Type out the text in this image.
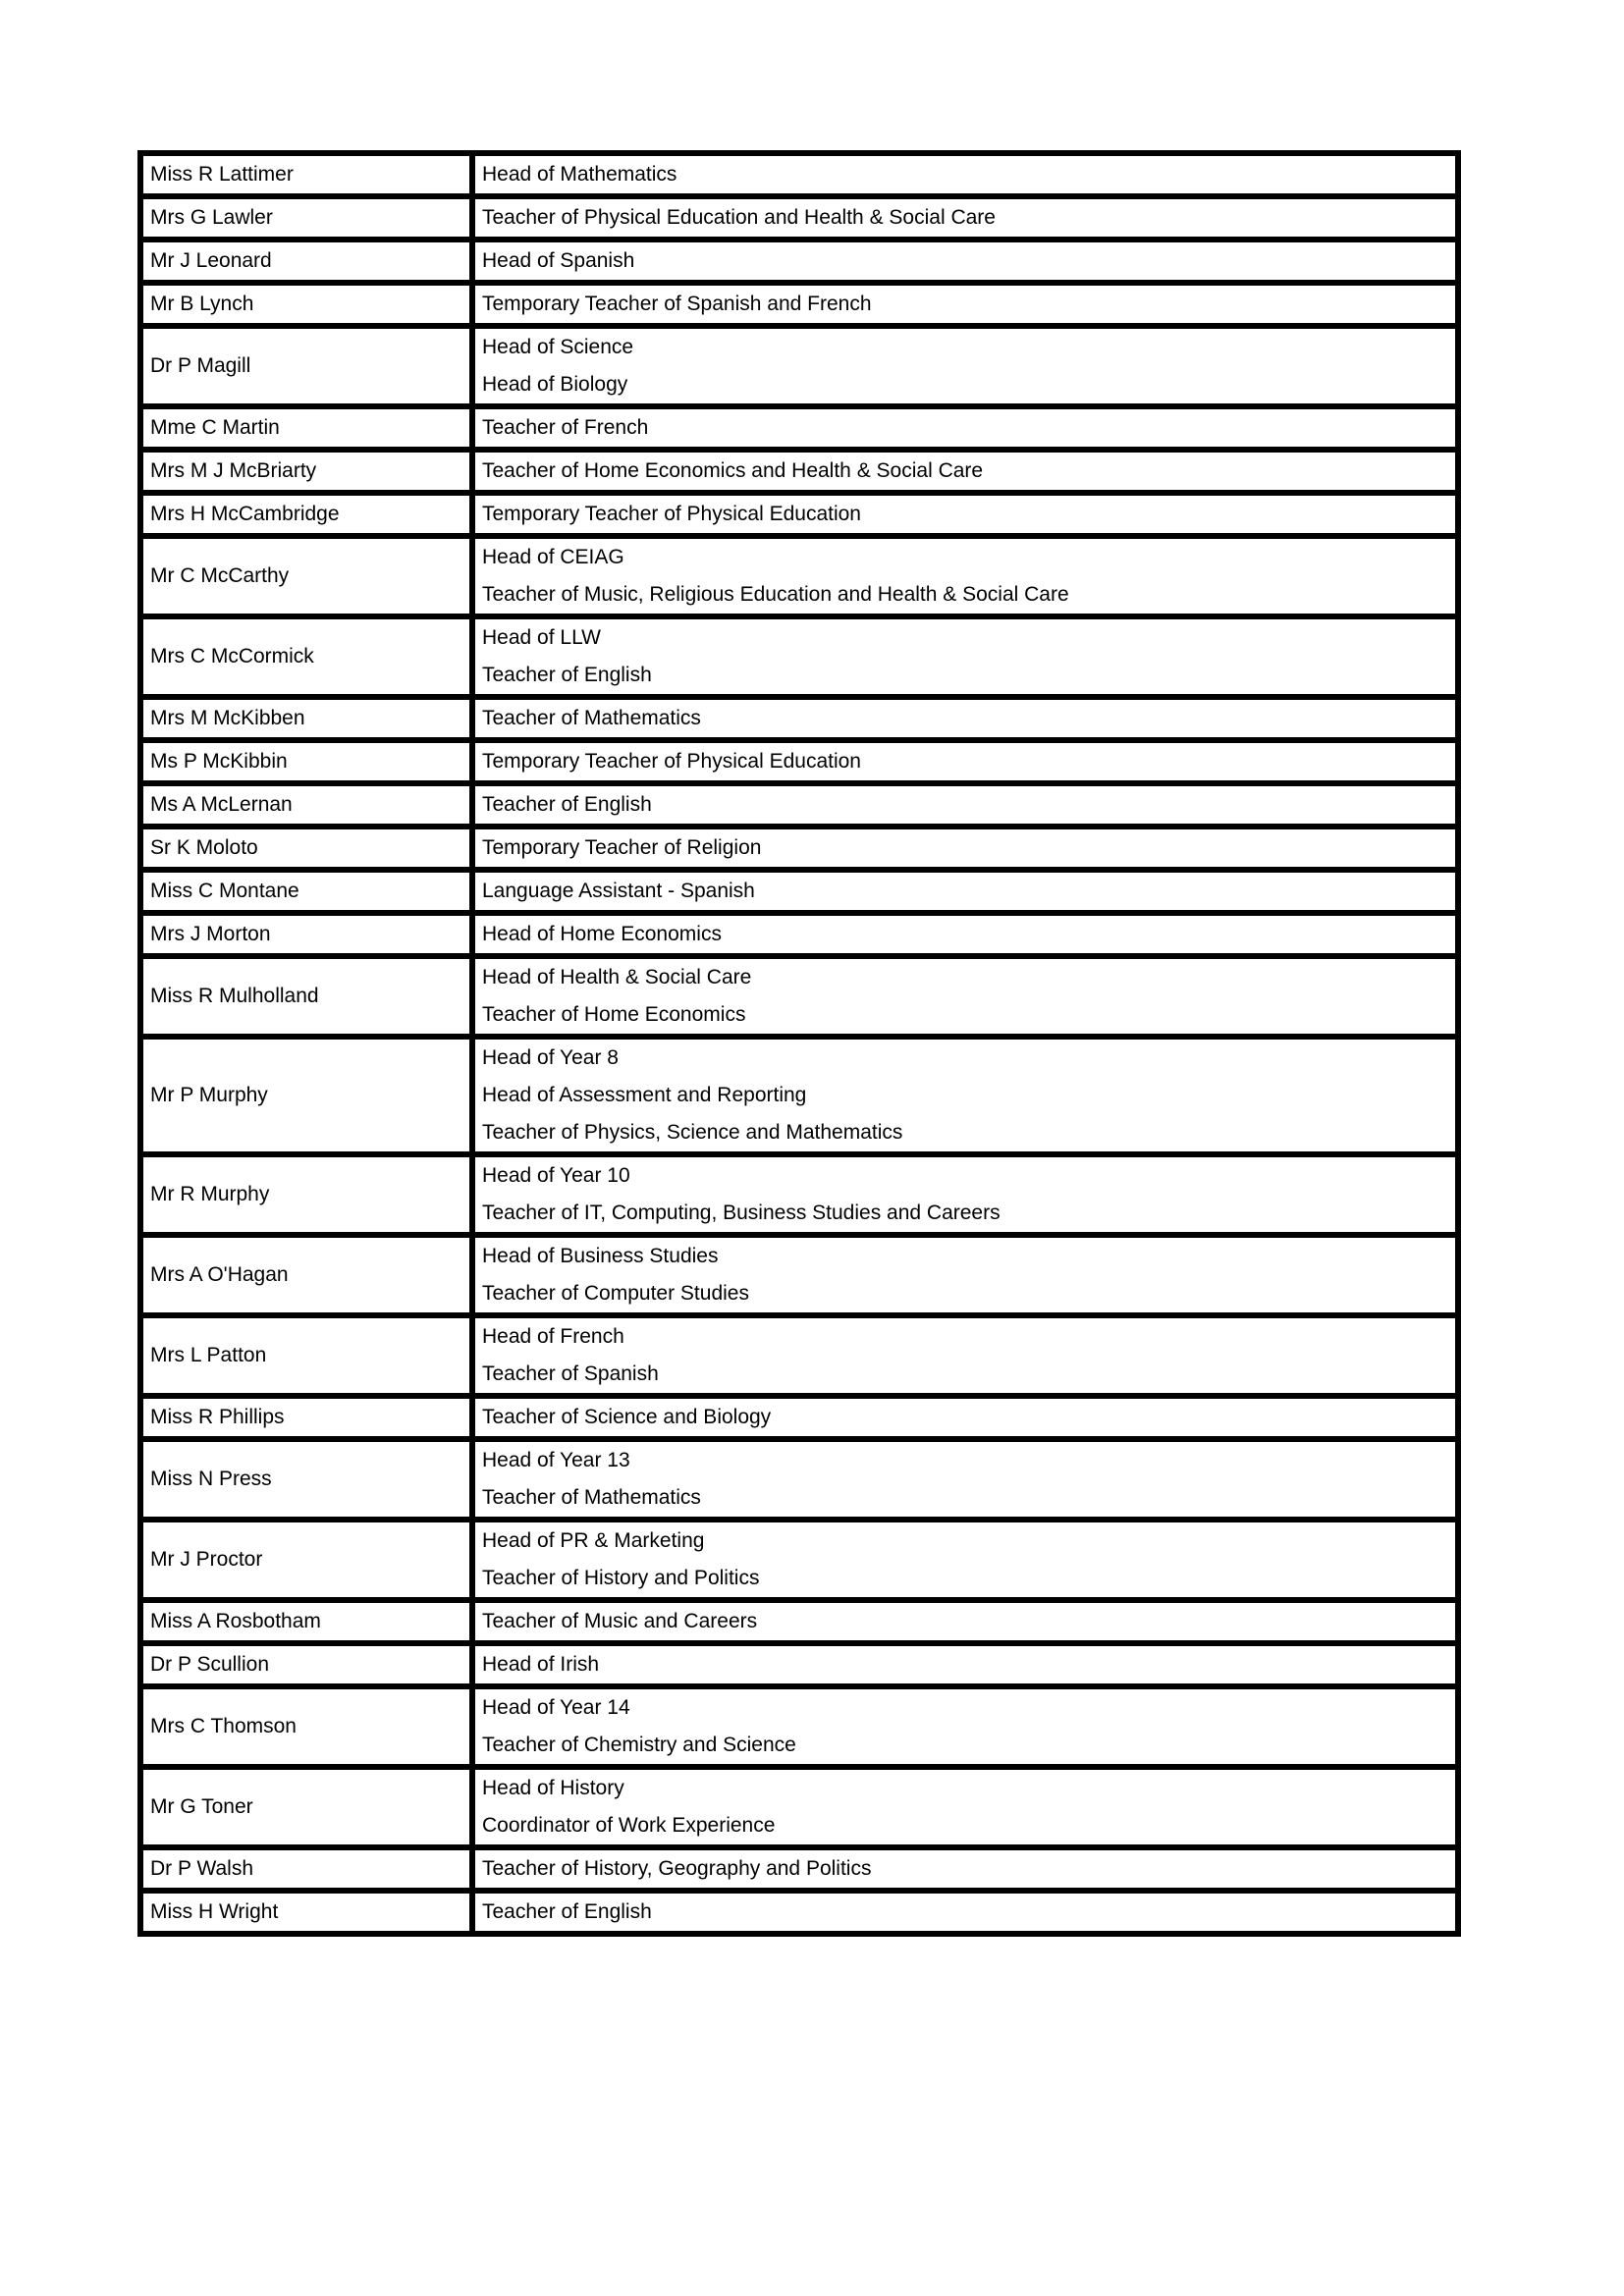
Miss R Lattimer	Head of Mathematics

Mrs G Lawler	Teacher of Physical Education and Health & Social Care

Mr J Leonard	Head of Spanish

Mr B Lynch	Temporary Teacher of Spanish and French

Dr P Magill	Head of Science
Head of Biology

Mme C Martin	Teacher of French

Mrs M J McBriarty	Teacher of Home Economics and Health & Social Care

Mrs H McCambridge	Temporary Teacher of Physical Education

Mr C McCarthy	Head of CEIAG
Teacher of Music, Religious Education and Health & Social Care

Mrs C McCormick	Head of LLW
Teacher of English

Mrs M McKibben	Teacher of Mathematics

Ms P McKibbin	Temporary Teacher of Physical Education

Ms A McLernan	Teacher of English

Sr K Moloto	Temporary Teacher of Religion

Miss C Montane	Language Assistant - Spanish

Mrs J Morton	Head of Home Economics

Miss R Mulholland	Head of Health & Social Care
Teacher of Home Economics

Mr P Murphy	Head of Year 8
Head of Assessment and Reporting
Teacher of Physics, Science and Mathematics

Mr R Murphy	Head of Year 10
Teacher of IT, Computing, Business Studies and Careers

Mrs A O'Hagan	Head of Business Studies
Teacher of Computer Studies

Mrs L Patton	Head of French
Teacher of Spanish

Miss R Phillips	Teacher of Science and Biology

Miss N Press	Head of Year 13
Teacher of Mathematics

Mr J Proctor	Head of PR & Marketing
Teacher of History and Politics

Miss A Rosbotham	Teacher of Music and Careers

Dr P Scullion	Head of Irish

Mrs C Thomson	Head of Year 14
Teacher of Chemistry and Science

Mr G Toner	Head of History
Coordinator of Work Experience

Dr P Walsh	Teacher of History, Geography and Politics

Miss H Wright	Teacher of English
